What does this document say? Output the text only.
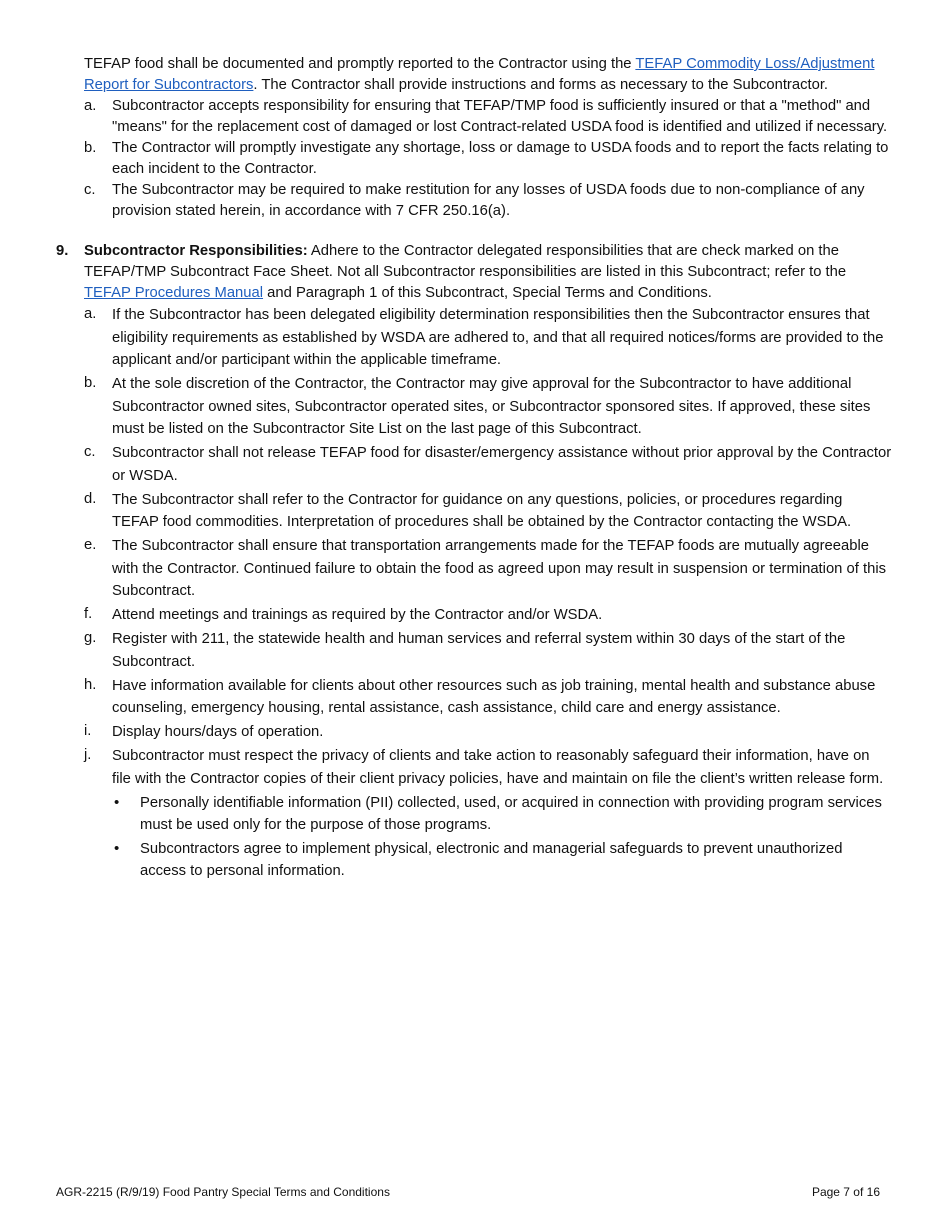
TEFAP food shall be documented and promptly reported to the Contractor using the TEFAP Commodity Loss/Adjustment Report for Subcontractors. The Contractor shall provide instructions and forms as necessary to the Subcontractor.
a.	Subcontractor accepts responsibility for ensuring that TEFAP/TMP food is sufficiently insured or that a "method" and "means" for the replacement cost of damaged or lost Contract-related USDA food is identified and utilized if necessary.
b.	The Contractor will promptly investigate any shortage, loss or damage to USDA foods and to report the facts relating to each incident to the Contractor.
c.	The Subcontractor may be required to make restitution for any losses of USDA foods due to non-compliance of any provision stated herein, in accordance with 7 CFR 250.16(a).
9.	Subcontractor Responsibilities: Adhere to the Contractor delegated responsibilities that are check marked on the TEFAP/TMP Subcontract Face Sheet. Not all Subcontractor responsibilities are listed in this Subcontract; refer to the TEFAP Procedures Manual and Paragraph 1 of this Subcontract, Special Terms and Conditions.
a.	If the Subcontractor has been delegated eligibility determination responsibilities then the Subcontractor ensures that eligibility requirements as established by WSDA are adhered to, and that all required notices/forms are provided to the applicant and/or participant within the applicable timeframe.
b.	At the sole discretion of the Contractor, the Contractor may give approval for the Subcontractor to have additional Subcontractor owned sites, Subcontractor operated sites, or Subcontractor sponsored sites. If approved, these sites must be listed on the Subcontractor Site List on the last page of this Subcontract.
c.	Subcontractor shall not release TEFAP food for disaster/emergency assistance without prior approval by the Contractor or WSDA.
d.	The Subcontractor shall refer to the Contractor for guidance on any questions, policies, or procedures regarding TEFAP food commodities. Interpretation of procedures shall be obtained by the Contractor contacting the WSDA.
e.	The Subcontractor shall ensure that transportation arrangements made for the TEFAP foods are mutually agreeable with the Contractor. Continued failure to obtain the food as agreed upon may result in suspension or termination of this Subcontract.
f.	Attend meetings and trainings as required by the Contractor and/or WSDA.
g.	Register with 211, the statewide health and human services and referral system within 30 days of the start of the Subcontract.
h.	Have information available for clients about other resources such as job training, mental health and substance abuse counseling, emergency housing, rental assistance, cash assistance, child care and energy assistance.
i.	Display hours/days of operation.
j.	Subcontractor must respect the privacy of clients and take action to reasonably safeguard their information, have on file with the Contractor copies of their client privacy policies, have and maintain on file the client’s written release form.
•	Personally identifiable information (PII) collected, used, or acquired in connection with providing program services must be used only for the purpose of those programs.
•	Subcontractors agree to implement physical, electronic and managerial safeguards to prevent unauthorized access to personal information.
AGR-2215 (R/9/19) Food Pantry Special Terms and Conditions	Page 7 of 16
